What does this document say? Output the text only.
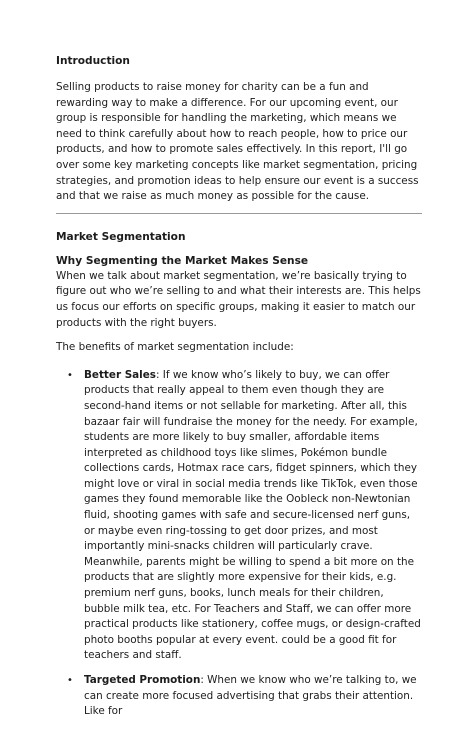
Introduction

Selling products to raise money for charity can be a fun and rewarding way to make a difference. For our upcoming event, our group is responsible for handling the marketing, which means we need to think carefully about how to reach people, how to price our products, and how to promote sales effectively. In this report, I'll go over some key marketing concepts like market segmentation, pricing strategies, and promotion ideas to help ensure our event is a success and that we raise as much money as possible for the cause.

Market Segmentation
Why Segmenting the Market Makes Sense

When we talk about market segmentation, we’re basically trying to figure out who we’re selling to and what their interests are. This helps us focus our efforts on specific groups, making it easier to match our products with the right buyers.

The benefits of market segmentation include:

• Better Sales: If we know who’s likely to buy, we can offer products that really appeal to them even though they are second-hand items or not sellable for marketing. After all, this bazaar fair will fundraise the money for the needy. For example, students are more likely to buy smaller, affordable items interpreted as childhood toys like slimes, Pokémon bundle collections cards, Hotmax race cars, fidget spinners, which they might love or viral in social media trends like TikTok, even those games they found memorable like the Oobleck non-Newtonian fluid, shooting games with safe and secure-licensed nerf guns, or maybe even ring-tossing to get door prizes, and most importantly mini-snacks children will particularly crave. Meanwhile, parents might be willing to spend a bit more on the products that are slightly more expensive for their kids, e.g. premium nerf guns, books, lunch meals for their children, bubble milk tea, etc. For Teachers and Staff, we can offer more practical products like stationery, coffee mugs, or design-crafted photo booths popular at every event. could be a good fit for teachers and staff.
• Targeted Promotion: When we know who we’re talking to, we can create more focused advertising that grabs their attention. Like for
